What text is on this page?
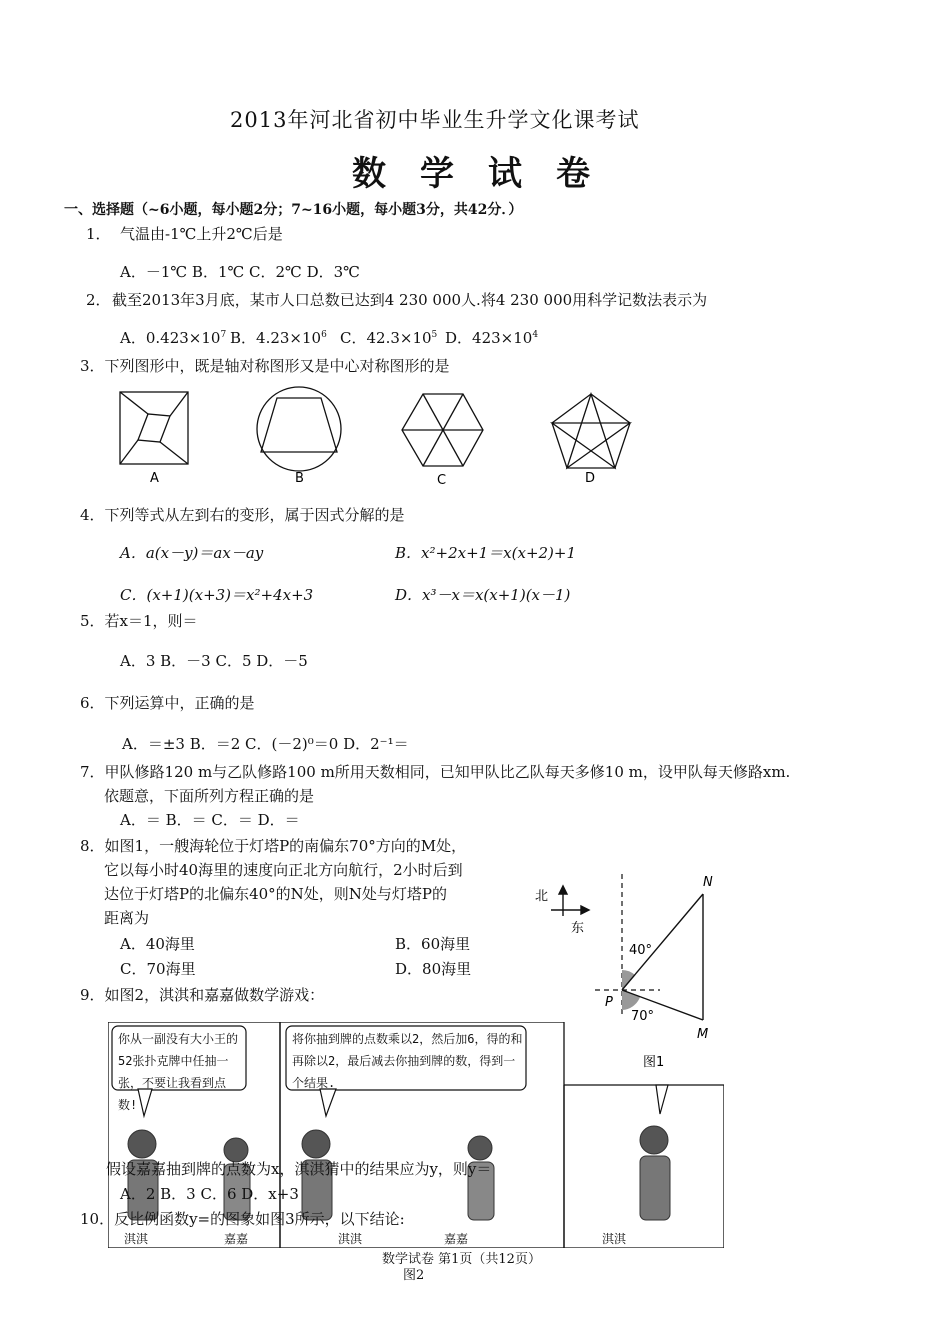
2013年河北省初中毕业生升学文化课考试
数学试卷
一、选择题（~6小题，每小题2分；7~16小题，每小题3分，共42分．）
1． 气温由-1℃上升2℃后是
A．－1℃ B．1℃ C．2℃ D．3℃
2． 截至2013年3月底，某市人口总数已达到4 230 000人.将4 230 000用科学记数法表示为
A．$0.423\times 10^7$ B．$4.23\times 10^6$ C．$42.3\times 10^5$ D．$423\times 10^4$
3．下列图形中，既是轴对称图形又是中心对称图形的是
A	B	C	D
4．下列等式从左到右的变形，属于因式分解的是
A．a(x－y)＝ax－ay	B．x²+2x+1＝x(x+2)+1
C．(x+1)(x+3)＝x²+4x+3	D．x³－x＝x(x+1)(x－1)
5．若x＝1，则＝
A．3 B．－3 C．5 D．－5
6．下列运算中，正确的是
A．＝±3 B．＝2 C．(－2)⁰＝0 D．2⁻¹＝
7．甲队修路120 m与乙队修路100 m所用天数相同，已知甲队比乙队每天多修10 m，设甲队每天修路xm.
依题意，下面所列方程正确的是
A．＝ B．＝ C．＝ D．＝
8．如图1，一艘海轮位于灯塔P的南偏东70°方向的M处，
它以每小时40海里的速度向正北方向航行，2小时后到
达位于灯塔P的北偏东40°的N处，则N处与灯塔P的
距离为
A．40海里	B．60海里
C．70海里	D．80海里
北
东
40°
70°
P
N
M
图1
9．如图2，淇淇和嘉嘉做数学游戏：
你从一副没有大小王的52张扑克牌中任抽一张，不要让我看到点数!
将你抽到牌的点数乘以2，然后加6，得的和再除以2，最后减去你抽到牌的数，得到一个结果.
淇淇	嘉嘉	淇淇	嘉嘉	淇淇
假设嘉嘉抽到牌的点数为x，淇淇猜中的结果应为y，则y＝
A．2 B．3 C．6 D．x+3
10．反比例函数y=的图象如图3所示，以下结论:
数学试卷 第1页（共12页）
图2
